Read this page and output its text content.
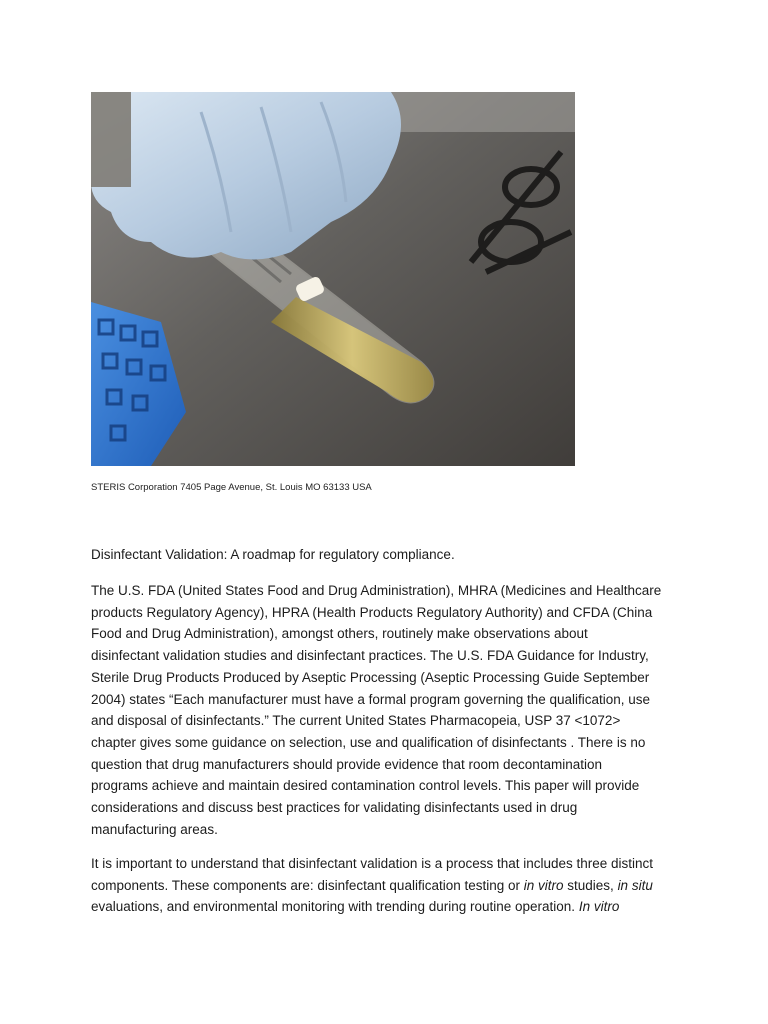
STERIS Corporation 7405 Page Avenue, St. Louis MO 63133 USA
Disinfectant Validation: A roadmap for regulatory compliance.
The U.S. FDA (United States Food and Drug Administration), MHRA (Medicines and Healthcare
products Regulatory Agency), HPRA (Health Products Regulatory Authority) and CFDA (China
Food and Drug Administration), amongst others, routinely make observations about
disinfectant validation studies and disinfectant practices. The U.S. FDA Guidance for Industry,
Sterile Drug Products Produced by Aseptic Processing (Aseptic Processing Guide September
2004) states “Each manufacturer must have a formal program governing the qualification, use
and disposal of disinfectants.” The current United States Pharmacopeia, USP 37 <1072>
chapter gives some guidance on selection, use and qualification of disinfectants . There is no
question that drug manufacturers should provide evidence that room decontamination
programs achieve and maintain desired contamination control levels. This paper will provide
considerations and discuss best practices for validating disinfectants used in drug
manufacturing areas.
It is important to understand that disinfectant validation is a process that includes three distinct
components. These components are: disinfectant qualification testing or in vitro studies, in situ
evaluations, and environmental monitoring with trending during routine operation. In vitro
